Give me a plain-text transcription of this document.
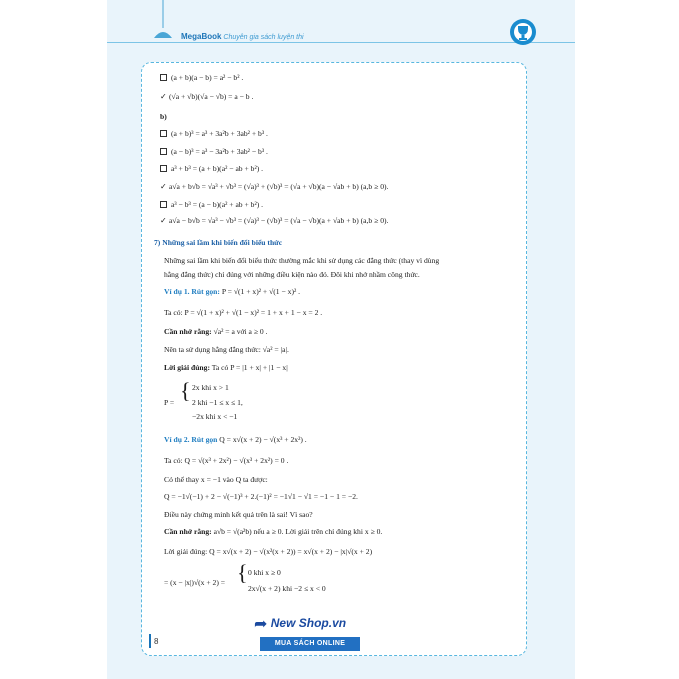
MegaBook Chuyên gia sách luyện thi
(a + b)(a − b) = a² − b² .
✓ (√a + √b)(√a − √b) = a − b .
b)
(a + b)³ = a³ + 3a²b + 3ab² + b³ .
(a − b)³ = a³ − 3a²b + 3ab² − b³ .
a³ + b³ = (a + b)(a² − ab + b²) .
✓ a√a + b√b = √a³ + √b³ = (√a)³ + (√b)³ = (√a + √b)(a − √ab + b) (a,b ≥ 0).
a³ − b³ = (a − b)(a² + ab + b²) .
✓ a√a − b√b = √a³ − √b³ = (√a)³ − (√b)³ = (√a − √b)(a + √ab + b) (a,b ≥ 0).
7) Những sai lầm khi biến đổi biểu thức
Những sai lầm khi biến đổi biểu thức thường mắc khi sử dụng các đẳng thức (thay vì dùng
hằng đẳng thức) chỉ đúng với những điều kiện nào đó. Đôi khi nhớ nhầm công thức.
Ví dụ 1. Rút gọn: P = √(1 + x)² + √(1 − x)² .
Ta có: P = √(1 + x)² + √(1 − x)² = 1 + x + 1 − x = 2 .
Cần nhớ rằng: √a² = a với a ≥ 0 .
Nên ta sử dụng hằng đẳng thức: √a² = |a|.
Lời giải đúng: Ta có P = |1 + x| + |1 − x|
P = { 2x khi x > 1
2 khi −1 ≤ x ≤ 1,
−2x khi x < −1
Ví dụ 2. Rút gọn Q = x√(x + 2) − √(x³ + 2x²) .
Ta có: Q = √(x³ + 2x²) − √(x³ + 2x²) = 0 .
Có thể thay x = −1 vào Q ta được:
Q = −1√(−1) + 2 − √(−1)³ + 2.(−1)² = −1√1 − √1 = −1 − 1 = −2.
Điều này chứng minh kết quả trên là sai! Vì sao?
Cần nhớ rằng: a√b = √(a²b) nếu a ≥ 0. Lời giải trên chỉ đúng khi x ≥ 0.
Lời giải đúng: Q = x√(x + 2) − √(x²(x + 2)) = x√(x + 2) − |x|√(x + 2)
= (x − |x|)√(x + 2) = { 0 khi x ≥ 0
2x√(x + 2) khi −2 ≤ x < 0
8
➦ New Shop.vn
MUA SÁCH ONLINE
